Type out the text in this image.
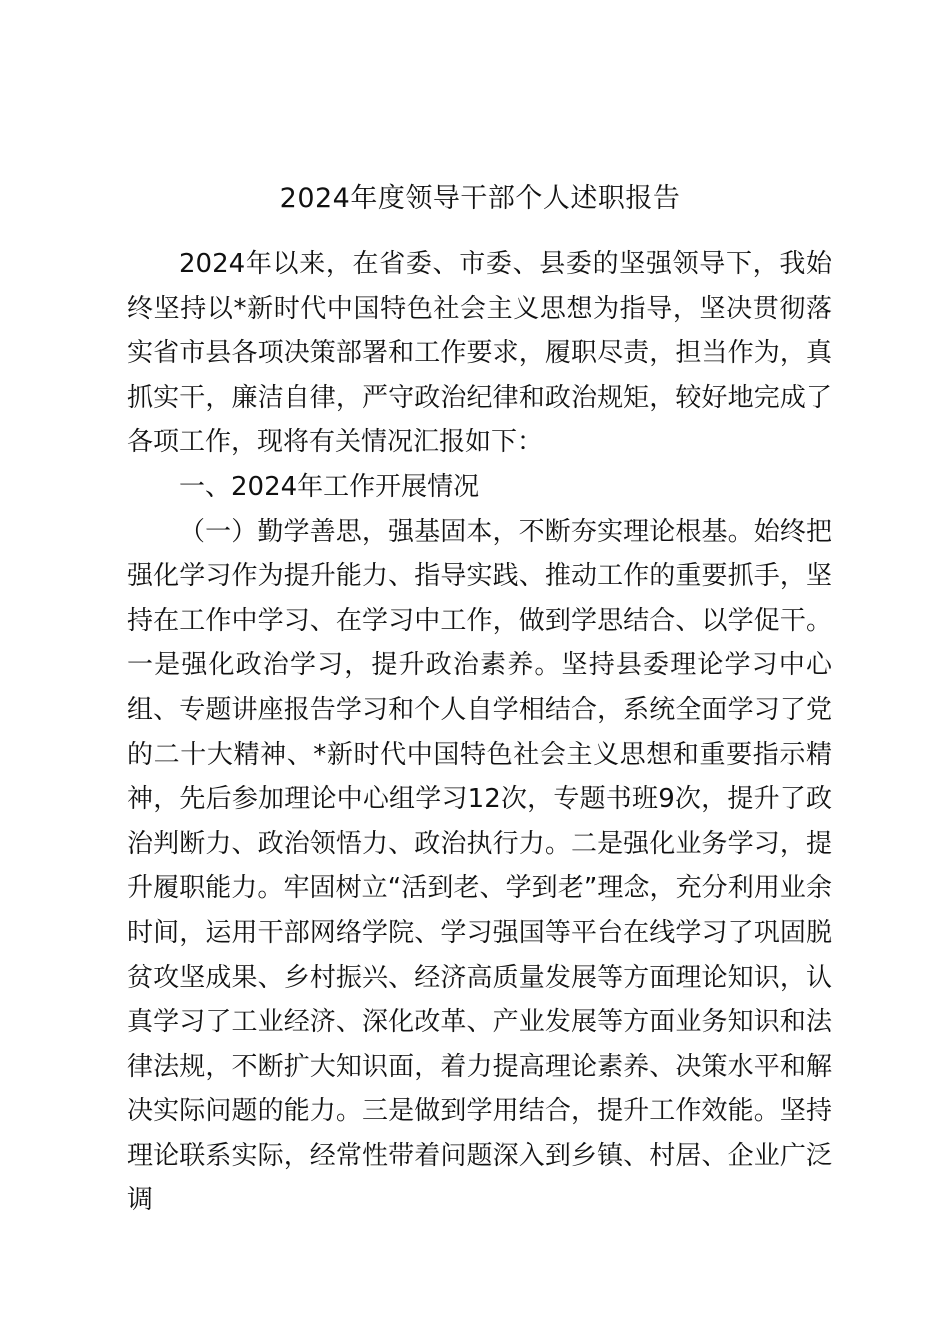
2024年度领导干部个人述职报告

2024年以来，在省委、市委、县委的坚强领导下，我始终坚持以*新时代中国特色社会主义思想为指导，坚决贯彻落实省市县各项决策部署和工作要求，履职尽责，担当作为，真抓实干，廉洁自律，严守政治纪律和政治规矩，较好地完成了各项工作，现将有关情况汇报如下：

一、2024年工作开展情况

（一）勤学善思，强基固本，不断夯实理论根基。始终把强化学习作为提升能力、指导实践、推动工作的重要抓手，坚持在工作中学习、在学习中工作，做到学思结合、以学促干。一是强化政治学习，提升政治素养。坚持县委理论学习中心组、专题讲座报告学习和个人自学相结合，系统全面学习了党的二十大精神、*新时代中国特色社会主义思想和重要指示精神，先后参加理论中心组学习12次，专题书班9次，提升了政治判断力、政治领悟力、政治执行力。二是强化业务学习，提升履职能力。牢固树立“活到老、学到老”理念，充分利用业余时间，运用干部网络学院、学习强国等平台在线学习了巩固脱贫攻坚成果、乡村振兴、经济高质量发展等方面理论知识，认真学习了工业经济、深化改革、产业发展等方面业务知识和法律法规，不断扩大知识面，着力提高理论素养、决策水平和解决实际问题的能力。三是做到学用结合，提升工作效能。坚持理论联系实际，经常性带着问题深入到乡镇、村居、企业广泛调
